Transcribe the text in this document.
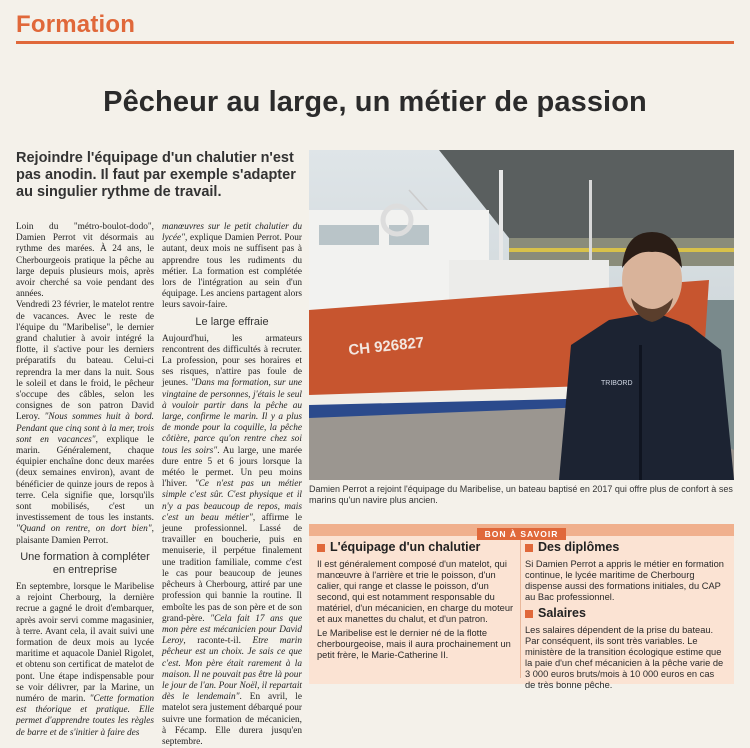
Formation
Pêcheur au large, un métier de passion

Rejoindre l'équipage d'un chalutier n'est pas anodin. Il faut par exemple s'adapter au singulier rythme de travail.

Loin du "métro-boulot-dodo", Damien Perrot vit désormais au rythme des marées. À 24 ans, le Cherbourgeois pratique la pêche au large depuis plusieurs mois, après avoir cherché sa voie pendant des années.

Vendredi 23 février, le matelot rentre de vacances. Avec le reste de l'équipe du "Maribelise", le dernier grand chalutier à avoir intégré la flotte, il s'active pour les derniers préparatifs du bateau. Celui-ci reprendra la mer dans la nuit. Sous le soleil et dans le froid, le pêcheur s'occupe des câbles, selon les consignes de son patron David Leroy. "Nous sommes huit à bord. Pendant que cinq sont à la mer, trois sont en vacances", explique le marin. Généralement, chaque équipier enchaîne donc deux marées (deux semaines environ), avant de bénéficier de quinze jours de repos à terre. Cela signifie que, lorsqu'ils sont mobilisés, c'est un investissement de tous les instants. "Quand on rentre, on dort bien", plaisante Damien Perrot.

Une formation à compléter en entreprise

En septembre, lorsque le Maribelise a rejoint Cherbourg, la dernière recrue a gagné le droit d'embarquer, après avoir servi comme magasinier, à terre. Avant cela, il avait suivi une formation de deux mois au lycée maritime et aquacole Daniel Rigolet, et obtenu son certificat de matelot de pont. Une étape indispensable pour se voir délivrer, par la Marine, un numéro de marin. "Cette formation est théorique et pratique. Elle permet d'apprendre toutes les règles de barre et de s'initier à faire des

manœuvres sur le petit chalutier du lycée", explique Damien Perrot. Pour autant, deux mois ne suffisent pas à apprendre tous les rudiments du métier. La formation est complétée lors de l'intégration au sein d'un équipage. Les anciens partagent alors leurs savoir-faire.

Le large effraie

Aujourd'hui, les armateurs rencontrent des difficultés à recruter. La profession, pour ses horaires et ses risques, n'attire pas foule de jeunes. "Dans ma formation, sur une vingtaine de personnes, j'étais le seul à vouloir partir dans la pêche au large, confirme le marin. Il y a plus de monde pour la coquille, la pêche côtière, parce qu'on rentre chez soi tous les soirs". Au large, une marée dure entre 5 et 6 jours lorsque la météo le permet. Un peu moins l'hiver. "Ce n'est pas un métier simple c'est sûr. C'est physique et il n'y a pas beaucoup de repos, mais c'est un beau métier", affirme le jeune professionnel. Lassé de travailler en boucherie, puis en menuiserie, il perpétue finalement une tradition familiale, comme c'est le cas pour beaucoup de jeunes pêcheurs à Cherbourg, attiré par une profession qui bannie la routine. Il emboîte les pas de son père et de son grand-père. "Cela fait 17 ans que mon père est mécanicien pour David Leroy, raconte-t-il. Etre marin pêcheur est un choix. Je sais ce que c'est. Mon père était rarement à la maison. Il ne pouvait pas être là pour le jour de l'an. Pour Noël, il repartait dès le lendemain". En avril, le matelot sera justement débarqué pour suivre une formation de mécanicien, à Fécamp. Elle durera jusqu'en septembre.

CH 926827
TRIBORD

Damien Perrot a rejoint l'équipage du Maribelise, un bateau baptisé en 2017 qui offre plus de confort à ses marins qu'un navire plus ancien.

BON À SAVOIR
L'équipage d'un chalutier

Il est généralement composé d'un matelot, qui manœuvre à l'arrière et trie le poisson, d'un calier, qui range et classe le poisson, d'un second, qui est notamment responsable du matériel, d'un mécanicien, en charge du moteur et aux manettes du chalut, et d'un patron.

Le Maribelise est le dernier né de la flotte cherbourgeoise, mais il aura prochainement un petit frère, le Marie-Catherine II.

Des diplômes

Si Damien Perrot a appris le métier en formation continue, le lycée maritime de Cherbourg dispense aussi des formations initiales, du CAP au Bac professionnel.

Salaires

Les salaires dépendent de la prise du bateau. Par conséquent, ils sont très variables. Le ministère de la transition écologique estime que la paie d'un chef mécanicien à la pêche varie de 3 000 euros bruts/mois à 10 000 euros en cas de très bonne pêche.
